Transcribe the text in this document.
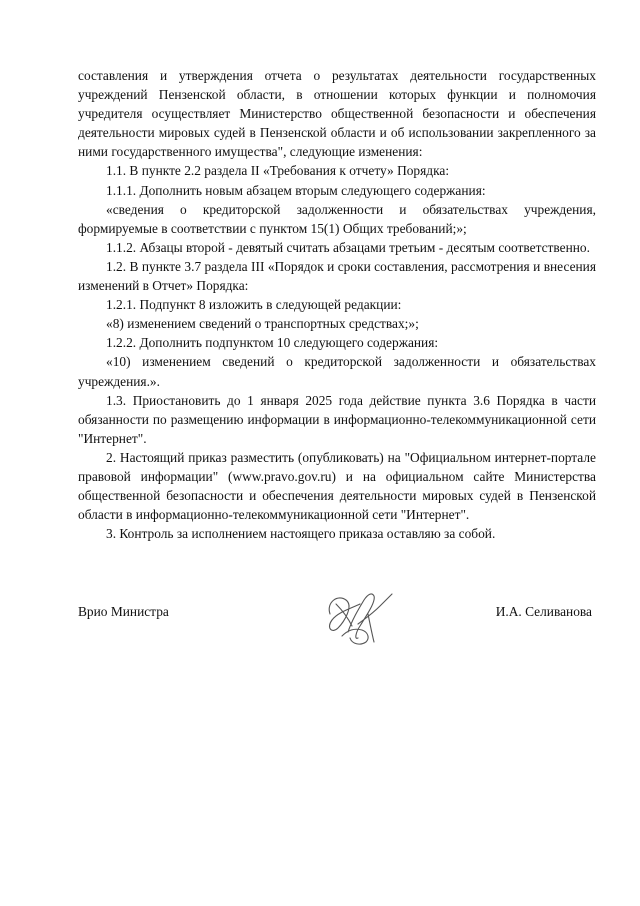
составления и утверждения отчета о результатах деятельности государственных учреждений Пензенской области, в отношении которых функции и полномочия учредителя осуществляет Министерство общественной безопасности и обеспечения деятельности мировых судей в Пензенской области и об использовании закрепленного за ними государственного имущества", следующие изменения:

1.1. В пункте 2.2 раздела II «Требования к отчету» Порядка:

1.1.1. Дополнить новым абзацем вторым следующего содержания:

«сведения о кредиторской задолженности и обязательствах учреждения, формируемые в соответствии с пунктом 15(1) Общих требований;»;

1.1.2. Абзацы второй - девятый считать абзацами третьим - десятым соответственно.

1.2. В пункте 3.7 раздела III «Порядок и сроки составления, рассмотрения и внесения изменений в Отчет» Порядка:

1.2.1. Подпункт 8 изложить в следующей редакции:

«8) изменением сведений о транспортных средствах;»;

1.2.2. Дополнить подпунктом 10 следующего содержания:

«10) изменением сведений о кредиторской задолженности и обязательствах учреждения.».

1.3. Приостановить до 1 января 2025 года действие пункта 3.6 Порядка в части обязанности по размещению информации в информационно-телекоммуникационной сети "Интернет".

2. Настоящий приказ разместить (опубликовать) на "Официальном интернет-портале правовой информации" (www.pravo.gov.ru) и на официальном сайте Министерства общественной безопасности и обеспечения деятельности мировых судей в Пензенской области в информационно-телекоммуникационной сети "Интернет".

3. Контроль за исполнением настоящего приказа оставляю за собой.

Врио Министра	И.А. Селиванова
